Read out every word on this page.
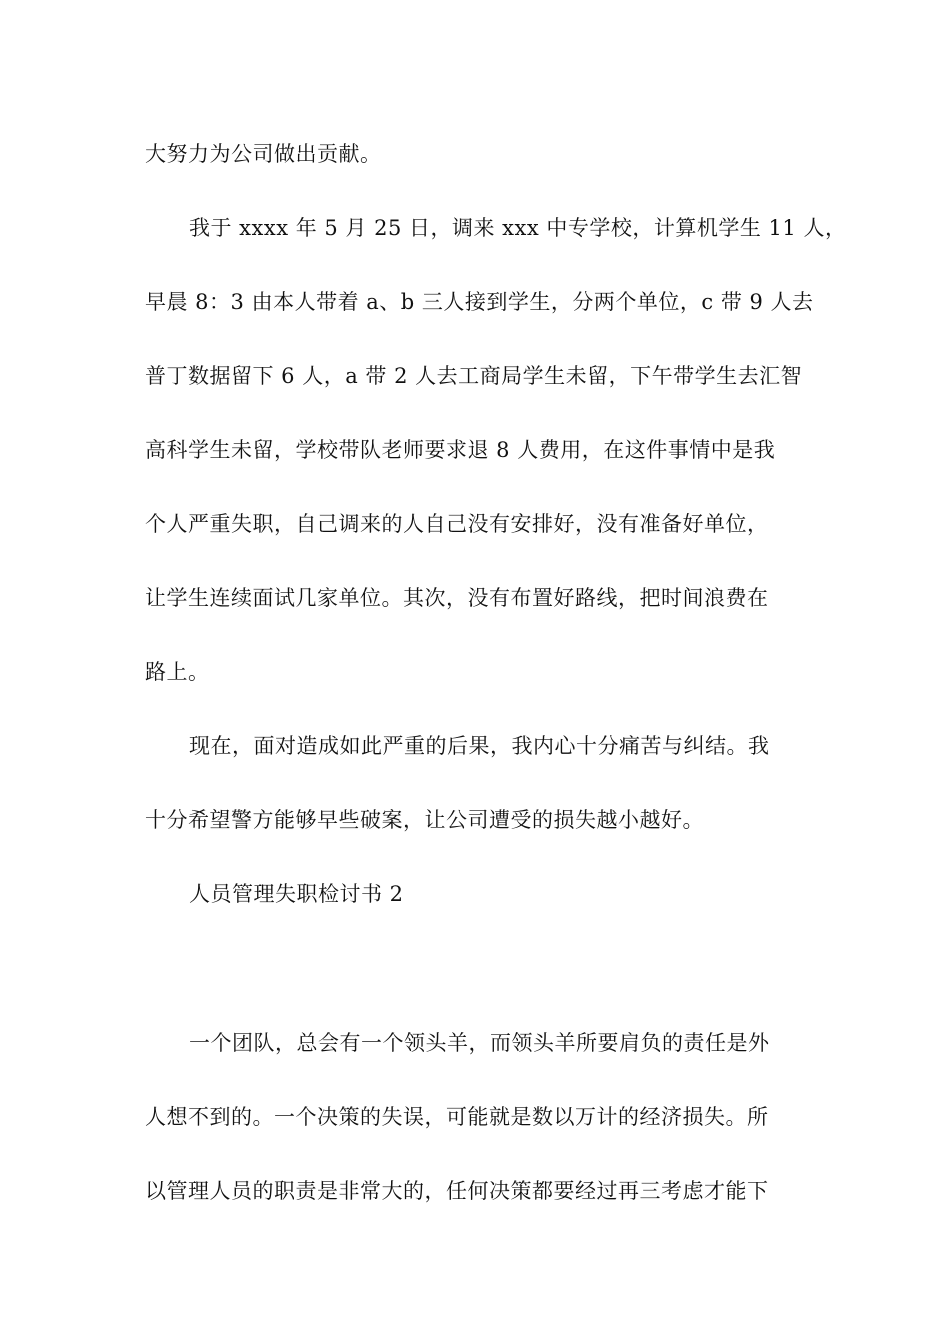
大努力为公司做出贡献。
我于 xxxx 年 5 月 25 日，调来 xxx 中专学校，计算机学生 11 人，
早晨 8：3 由本人带着 a、b 三人接到学生，分两个单位，c 带 9 人去
普丁数据留下 6 人，a 带 2 人去工商局学生未留，下午带学生去汇智
高科学生未留，学校带队老师要求退 8 人费用，在这件事情中是我
个人严重失职，自己调来的人自己没有安排好，没有准备好单位，
让学生连续面试几家单位。其次，没有布置好路线，把时间浪费在
路上。
现在，面对造成如此严重的后果，我内心十分痛苦与纠结。我
十分希望警方能够早些破案，让公司遭受的损失越小越好。
人员管理失职检讨书 2
一个团队，总会有一个领头羊，而领头羊所要肩负的责任是外
人想不到的。一个决策的失误，可能就是数以万计的经济损失。所
以管理人员的职责是非常大的，任何决策都要经过再三考虑才能下
